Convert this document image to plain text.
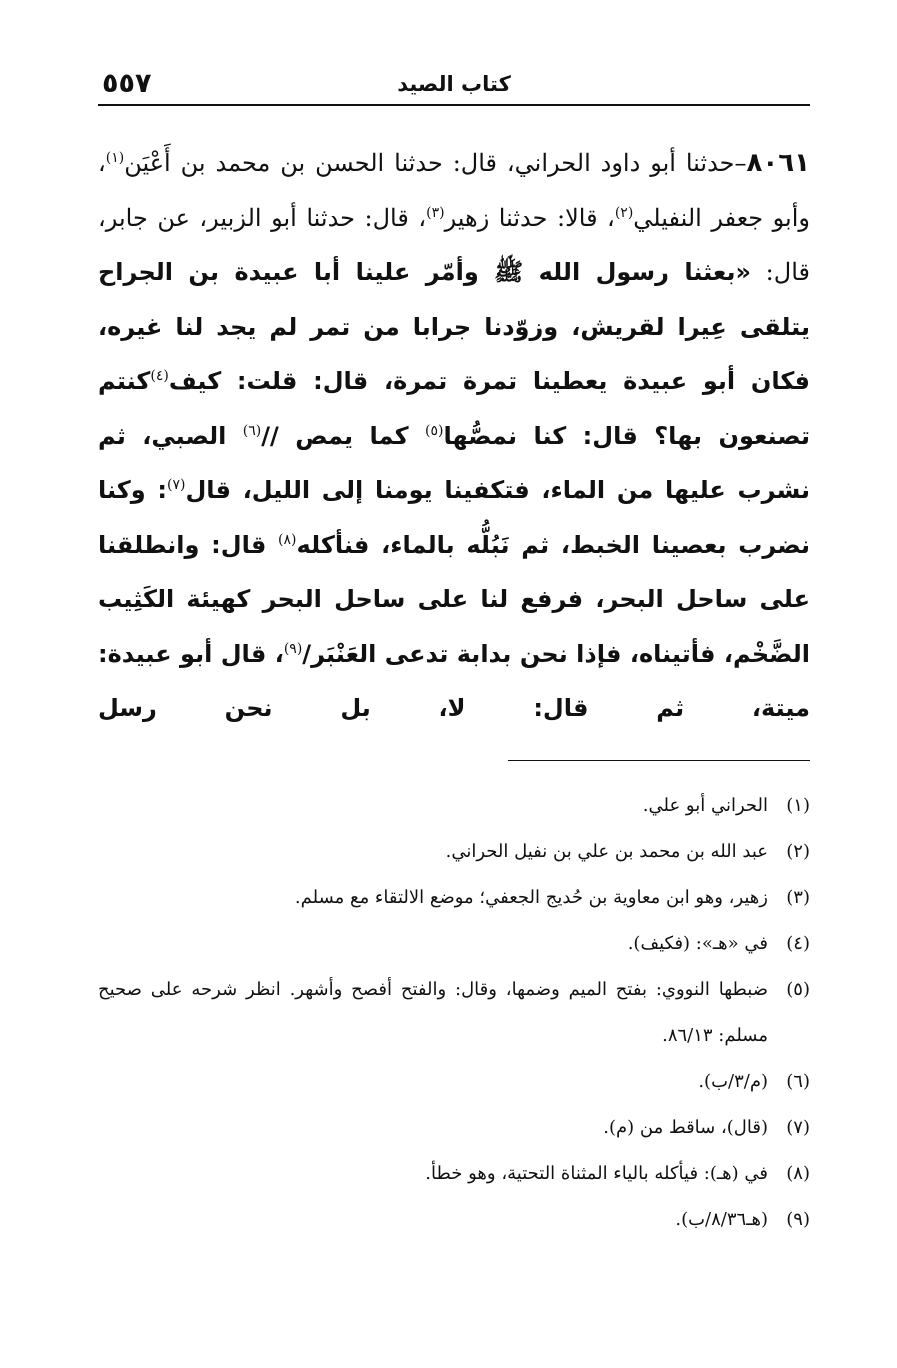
كتاب الصيد
٥٥٧
٨٠٦١–حدثنا أبو داود الحراني، قال: حدثنا الحسن بن محمد بن أَعْيَن$^{(١)}$، وأبو جعفر النفيلي$^{(٢)}$، قالا: حدثنا زهير$^{(٣)}$، قال: حدثنا أبو الزبير، عن جابر، قال: «بعثنا رسول الله ﷺ وأمّر علينا أبا عبيدة بن الجراح يتلقى عِيرا لقريش، وزوّدنا جرابا من تمر لم يجد لنا غيره، فكان أبو عبيدة يعطينا تمرة تمرة، قال: قلت: كيف$^{(٤)}$كنتم تصنعون بها؟ قال: كنا نمصُّها$^{(٥)}$ كما يمص //$^{(٦)}$ الصبي، ثم نشرب عليها من الماء، فتكفينا يومنا إلى الليل، قال$^{(٧)}$: وكنا نضرب بعصينا الخبط، ثم نَبُلُّه بالماء، فنأكله$^{(٨)}$ قال: وانطلقنا على ساحل البحر، فرفع لنا على ساحل البحر كهيئة الكَثِيب الضَّخْم، فأتيناه، فإذا نحن بدابة تدعى العَنْبَر/$^{(٩)}$، قال أبو عبيدة: ميتة، ثم قال: لا، بل نحن رسل
(١)
الحراني أبو علي.
(٢)
عبد الله بن محمد بن علي بن نفيل الحراني.
(٣)
زهير، وهو ابن معاوية بن حُديج الجعفي؛ موضع الالتقاء مع مسلم.
(٤)
في «هـ»: (فكيف).
(٥)
ضبطها النووي: بفتح الميم وضمها، وقال: والفتح أفصح وأشهر. انظر شرحه على صحيح مسلم: ٨٦/١٣.
(٦)
(م/٣/ب).
(٧)
(قال)، ساقط من (م).
(٨)
في (هـ): فيأكله بالياء المثناة التحتية، وهو خطأ.
(٩)
(هـ٨/٣٦/ب).
